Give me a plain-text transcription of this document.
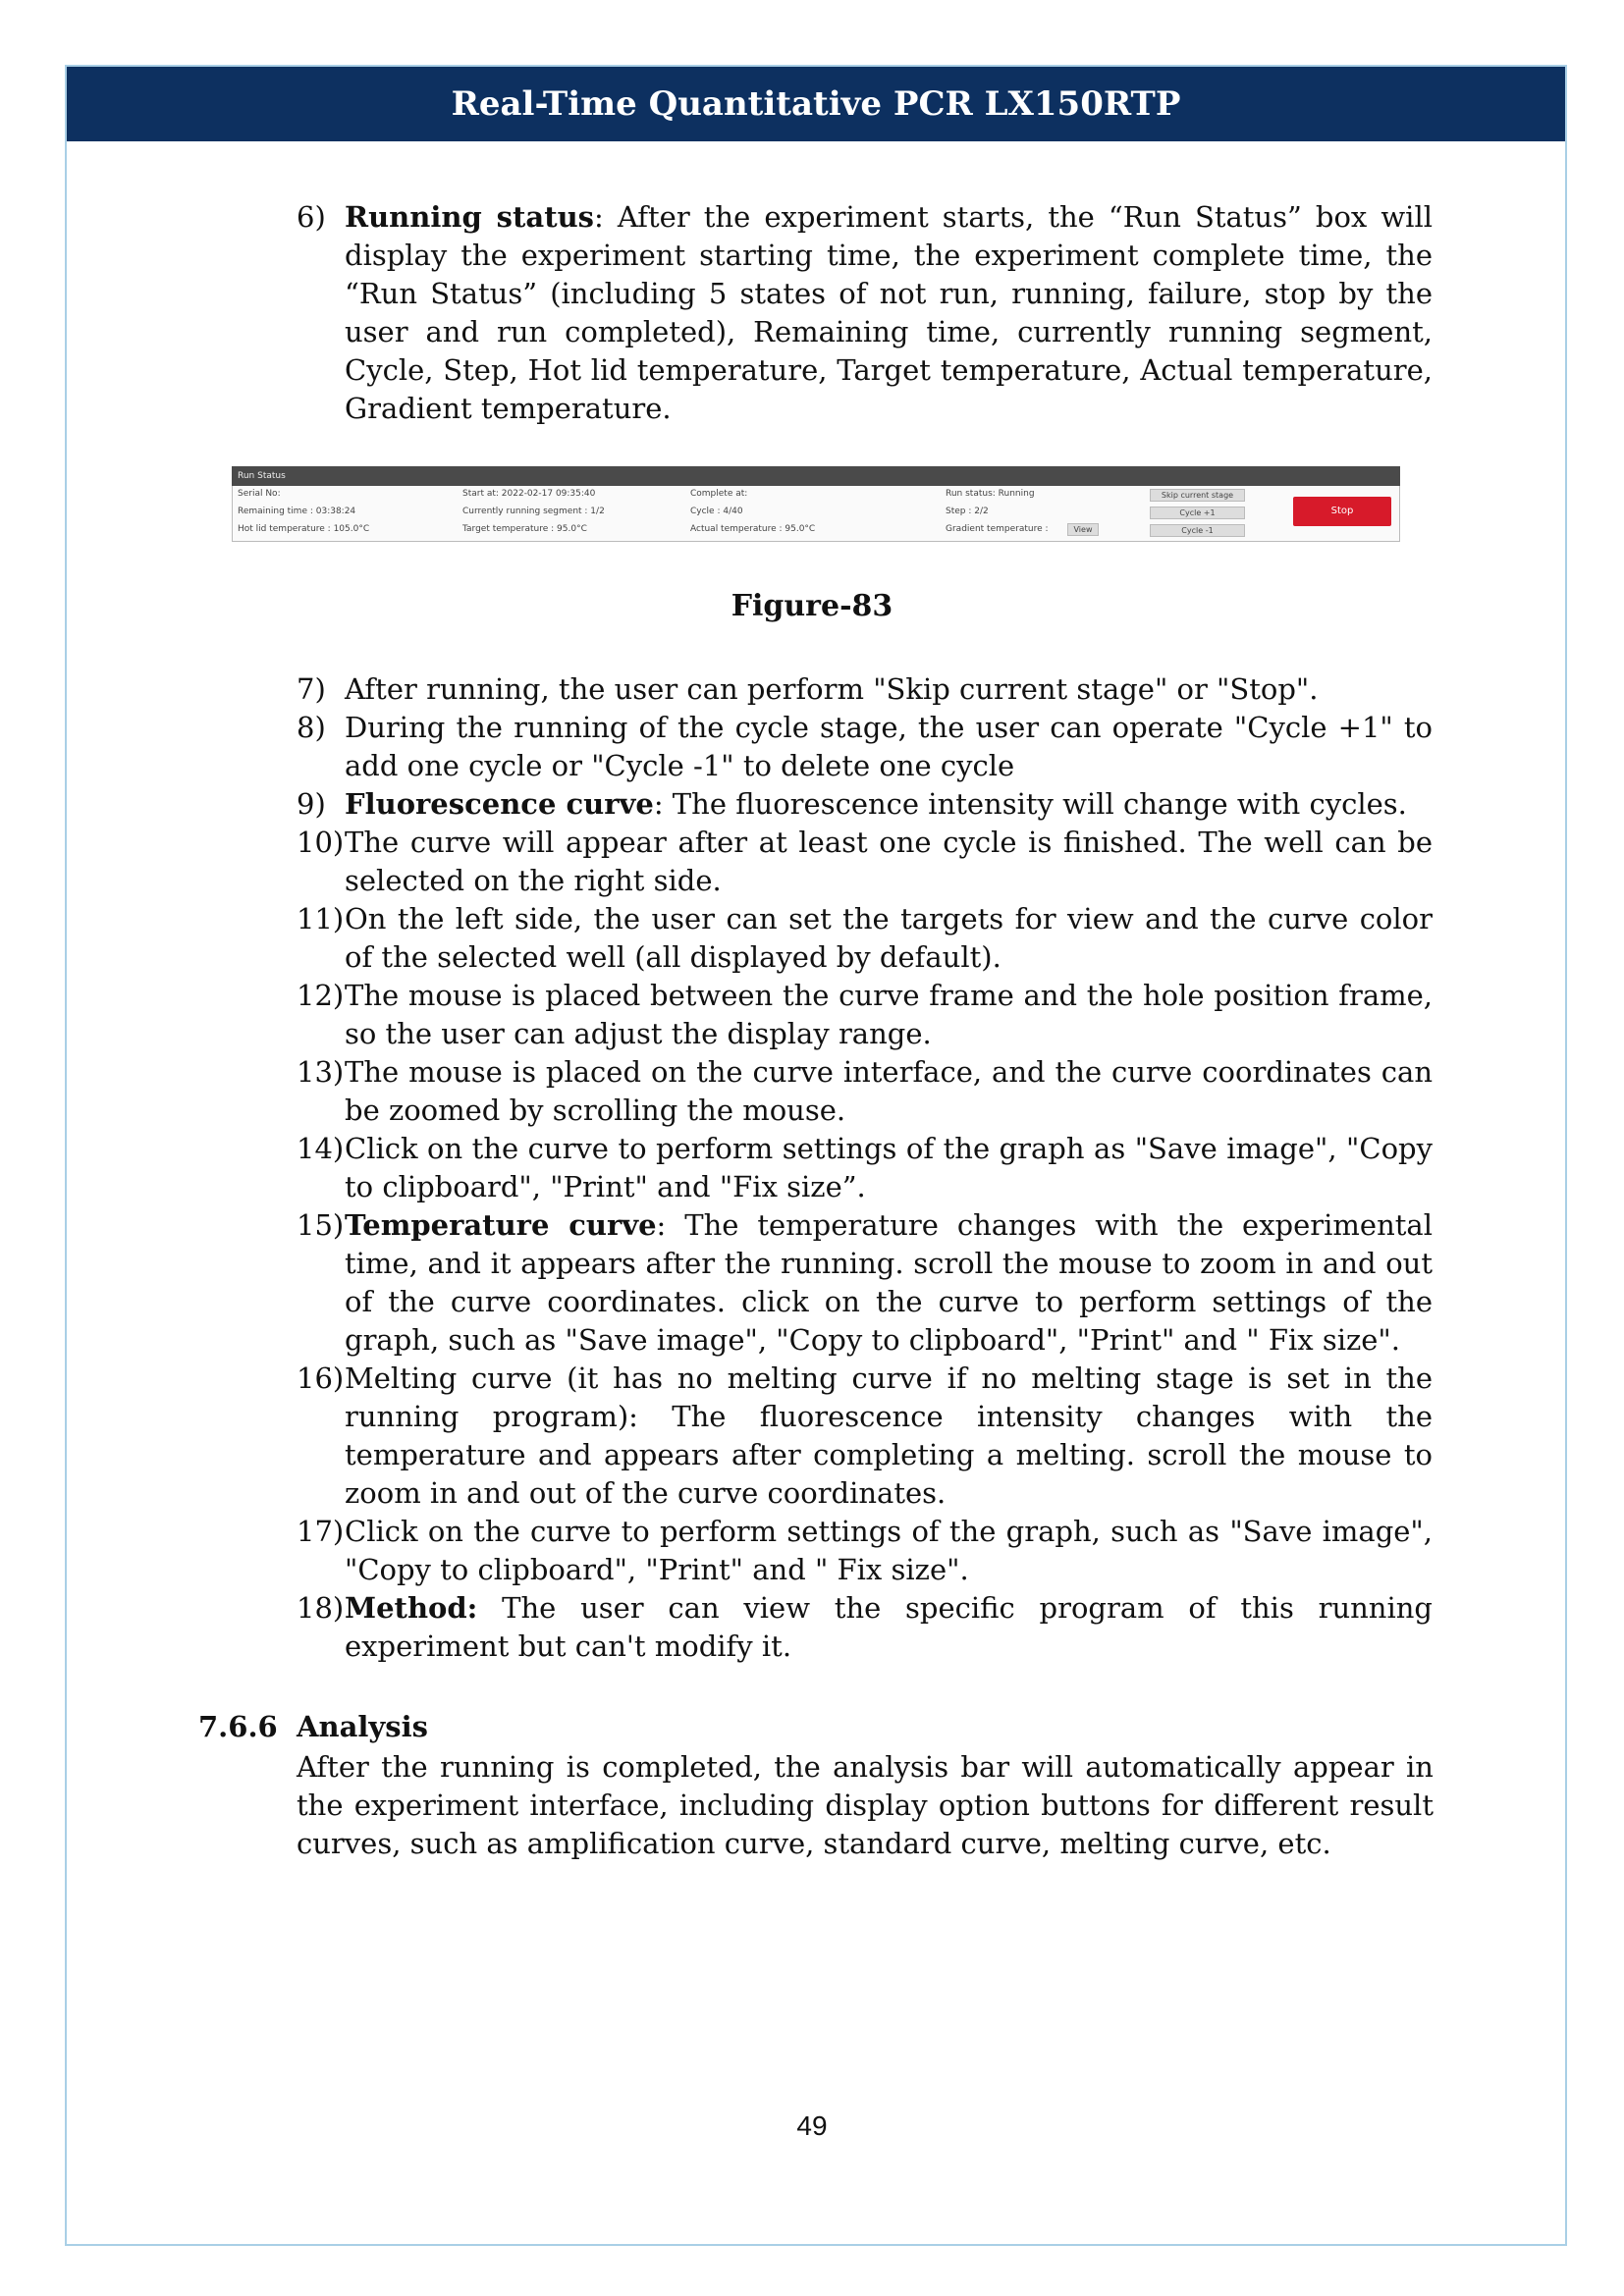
Real-Time Quantitative PCR LX150RTP
6) Running status: After the experiment starts, the “Run Status” box will display the experiment starting time, the experiment complete time, the “Run Status” (including 5 states of not run, running, failure, stop by the user and run completed), Remaining time, currently running segment, Cycle, Step, Hot lid temperature, Target temperature, Actual temperature, Gradient temperature.
Run Status
Serial No:
Remaining time : 03:38:24
Hot lid temperature : 105.0°C
Start at: 2022-02-17 09:35:40
Currently running segment : 1/2
Target temperature : 95.0°C
Complete at:
Cycle : 4/40
Actual temperature : 95.0°C
Run status: Running
Step : 2/2
Gradient temperature :	View
Skip current stage
Cycle +1
Cycle -1
Stop
Figure-83
7) After running, the user can perform "Skip current stage" or "Stop".
8) During the running of the cycle stage, the user can operate "Cycle +1" to add one cycle or "Cycle -1" to delete one cycle
9) Fluorescence curve: The fluorescence intensity will change with cycles.
10) The curve will appear after at least one cycle is finished. The well can be selected on the right side.
11) On the left side, the user can set the targets for view and the curve color of the selected well (all displayed by default).
12) The mouse is placed between the curve frame and the hole position frame, so the user can adjust the display range.
13) The mouse is placed on the curve interface, and the curve coordinates can be zoomed by scrolling the mouse.
14) Click on the curve to perform settings of the graph as "Save image", "Copy to clipboard", "Print" and "Fix size”.
15) Temperature curve: The temperature changes with the experimental time, and it appears after the running. scroll the mouse to zoom in and out of the curve coordinates. click on the curve to perform settings of the graph, such as "Save image", "Copy to clipboard", "Print" and " Fix size".
16) Melting curve (it has no melting curve if no melting stage is set in the running program): The fluorescence intensity changes with the temperature and appears after completing a melting. scroll the mouse to zoom in and out of the curve coordinates.
17) Click on the curve to perform settings of the graph, such as "Save image", "Copy to clipboard", "Print" and " Fix size".
18) Method: The user can view the specific program of this running experiment but can't modify it.
7.6.6 Analysis
After the running is completed, the analysis bar will automatically appear in the experiment interface, including display option buttons for different result curves, such as amplification curve, standard curve, melting curve, etc.
49
